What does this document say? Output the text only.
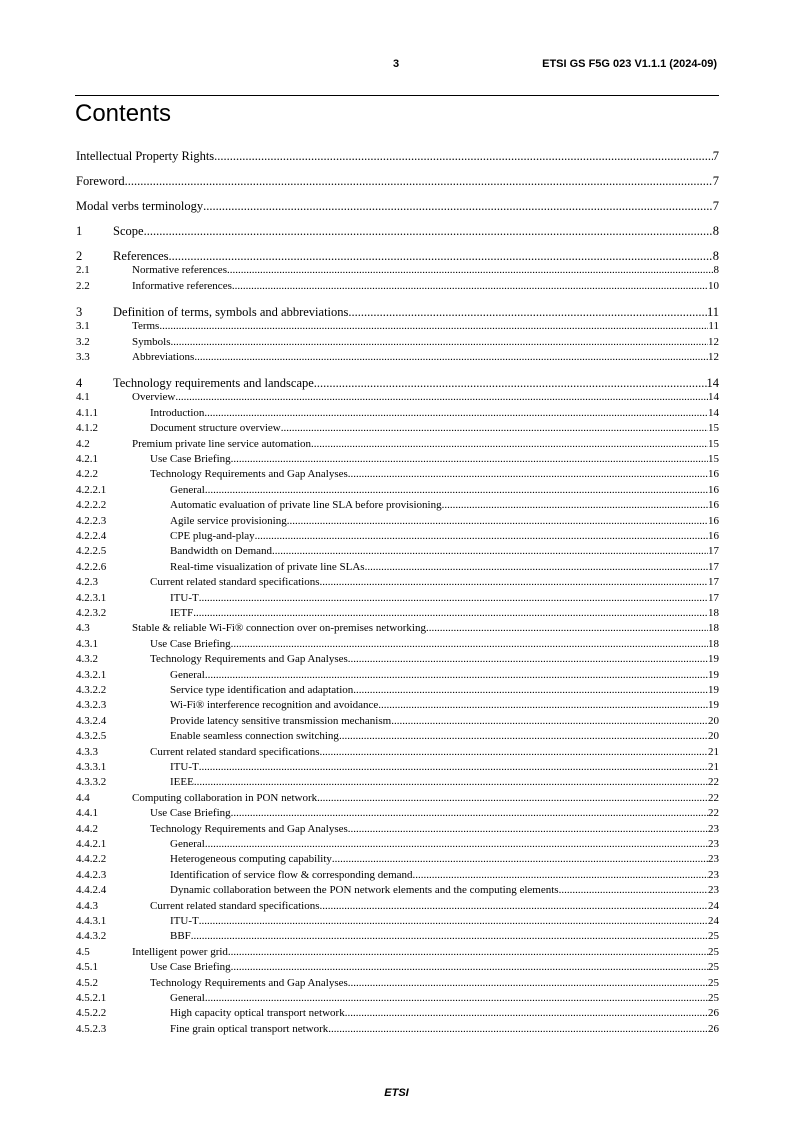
3	ETSI GS F5G 023 V1.1.1 (2024-09)
Contents
Intellectual Property Rights .....	7
Foreword .....	7
Modal verbs terminology .....	7
1	Scope .....	8
2	References .....	8
2.1	Normative references .....	8
2.2	Informative references .....	10
3	Definition of terms, symbols and abbreviations .....	11
3.1	Terms .....	11
3.2	Symbols .....	12
3.3	Abbreviations .....	12
4	Technology requirements and landscape .....	14
4.1	Overview .....	14
4.1.1	Introduction .....	14
4.1.2	Document structure overview .....	15
4.2	Premium private line service automation .....	15
4.2.1	Use Case Briefing .....	15
4.2.2	Technology Requirements and Gap Analyses .....	16
4.2.2.1	General .....	16
4.2.2.2	Automatic evaluation of private line SLA before provisioning .....	16
4.2.2.3	Agile service provisioning .....	16
4.2.2.4	CPE plug-and-play .....	16
4.2.2.5	Bandwidth on Demand .....	17
4.2.2.6	Real-time visualization of private line SLAs .....	17
4.2.3	Current related standard specifications .....	17
4.2.3.1	ITU-T .....	17
4.2.3.2	IETF .....	18
4.3	Stable & reliable Wi-Fi® connection over on-premises networking .....	18
4.3.1	Use Case Briefing .....	18
4.3.2	Technology Requirements and Gap Analyses .....	19
4.3.2.1	General .....	19
4.3.2.2	Service type identification and adaptation .....	19
4.3.2.3	Wi-Fi® interference recognition and avoidance .....	19
4.3.2.4	Provide latency sensitive transmission mechanism .....	20
4.3.2.5	Enable seamless connection switching .....	20
4.3.3	Current related standard specifications .....	21
4.3.3.1	ITU-T .....	21
4.3.3.2	IEEE .....	22
4.4	Computing collaboration in PON network .....	22
4.4.1	Use Case Briefing .....	22
4.4.2	Technology Requirements and Gap Analyses .....	23
4.4.2.1	General .....	23
4.4.2.2	Heterogeneous computing capability .....	23
4.4.2.3	Identification of service flow & corresponding demand .....	23
4.4.2.4	Dynamic collaboration between the PON network elements and the computing elements .....	23
4.4.3	Current related standard specifications .....	24
4.4.3.1	ITU-T .....	24
4.4.3.2	BBF .....	25
4.5	Intelligent power grid .....	25
4.5.1	Use Case Briefing .....	25
4.5.2	Technology Requirements and Gap Analyses .....	25
4.5.2.1	General .....	25
4.5.2.2	High capacity optical transport network .....	26
4.5.2.3	Fine grain optical transport network .....	26
ETSI
